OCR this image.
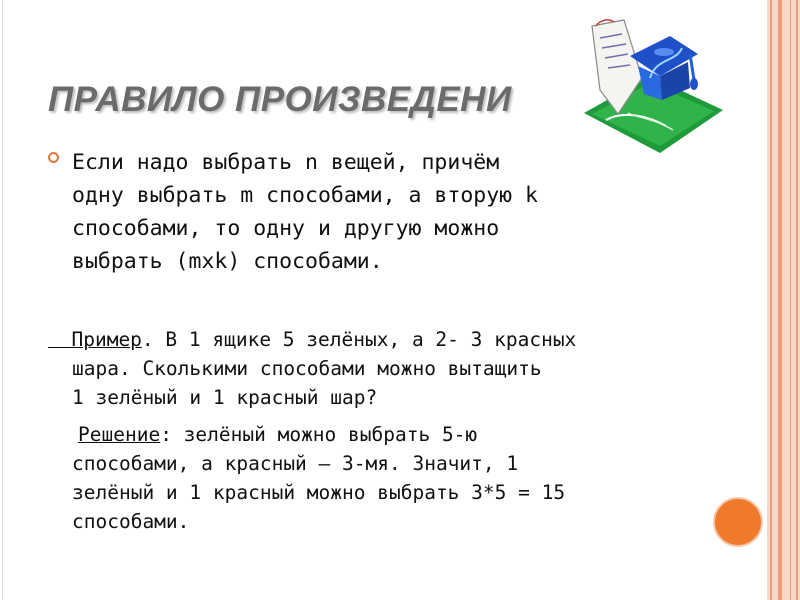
ПРАВИЛО ПРОИЗВЕДЕНИ
Если надо выбрать n вещей, причём
одну выбрать m способами, а вторую k
способами, то одну и другую можно
выбрать (mxk) способами.
Пример. В 1 ящике 5 зелёных, а 2- 3 красных
шара. Сколькими способами можно вытащить
1 зелёный и 1 красный шар?
Решение: зелёный можно выбрать 5-ю
способами, а красный – 3-мя. Значит, 1
зелёный и 1 красный можно выбрать 3*5 = 15
способами.
